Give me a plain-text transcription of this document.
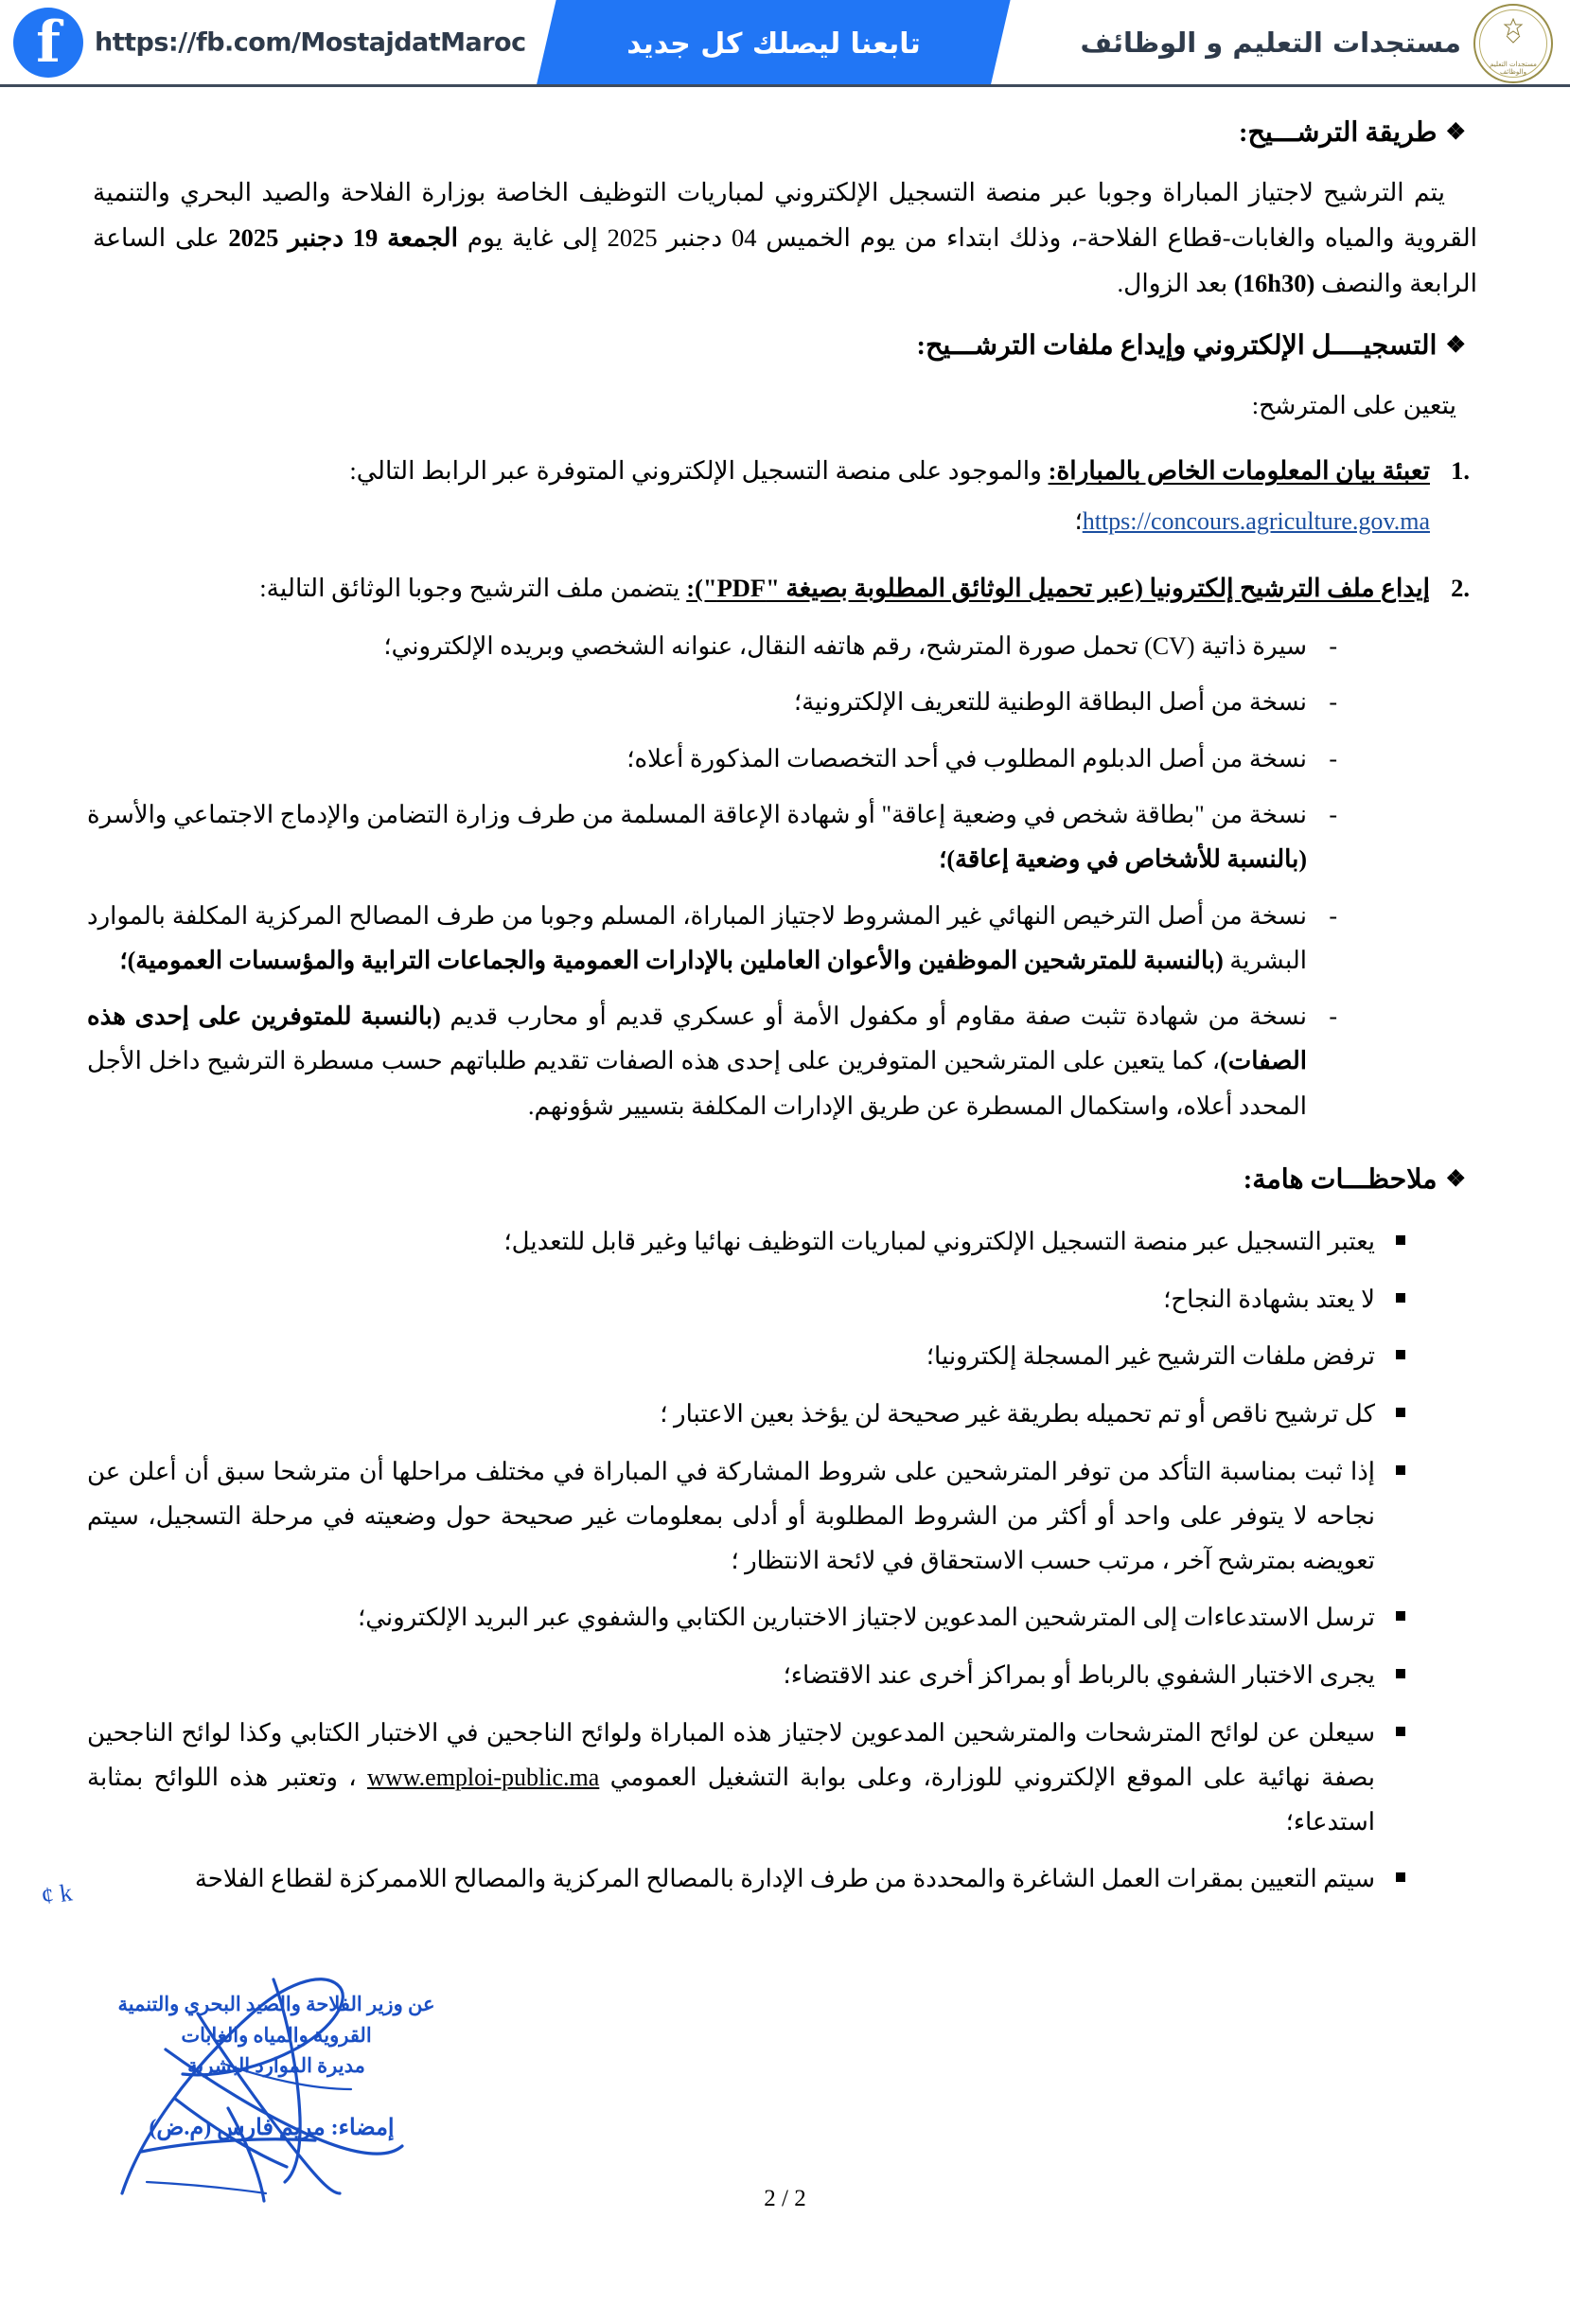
تابعنا ليصلك كل جديد
f https://fb.com/MostajdatMaroc	مستجدات التعليم و الوظائف
مستجدات التعليم
والوظائف
❖طريقة الترشـــيح:

يتم الترشيح لاجتياز المباراة وجوبا عبر منصة التسجيل الإلكتروني لمباريات التوظيف الخاصة بوزارة الفلاحة والصيد البحري والتنمية القروية والمياه والغابات-قطاع الفلاحة-، وذلك ابتداء من يوم الخميس 04 دجنبر 2025 إلى غاية يوم الجمعة 19 دجنبر 2025 على الساعة الرابعة والنصف (16h30) بعد الزوال.

❖التسجيــــل الإلكتروني وإيداع ملفات الترشـــيح:

يتعين على المترشح:

تعبئة بيان المعلومات الخاص بالمباراة: والموجود على منصة التسجيل الإلكتروني المتوفرة عبر الرابط التالي:
؛https://concours.agriculture.gov.ma
إيداع ملف الترشيح إلكترونيا (عبر تحميل الوثائق المطلوبة بصيغة "PDF"): يتضمن ملف الترشيح وجوبا الوثائق التالية:
- سيرة ذاتية (CV) تحمل صورة المترشح، رقم هاتفه النقال، عنوانه الشخصي وبريده الإلكتروني؛
- نسخة من أصل البطاقة الوطنية للتعريف الإلكترونية؛
- نسخة من أصل الدبلوم المطلوب في أحد التخصصات المذكورة أعلاه؛
- نسخة من "بطاقة شخص في وضعية إعاقة" أو شهادة الإعاقة المسلمة من طرف وزارة التضامن والإدماج الاجتماعي والأسرة (بالنسبة للأشخاص في وضعية إعاقة)؛
- نسخة من أصل الترخيص النهائي غير المشروط لاجتياز المباراة، المسلم وجوبا من طرف المصالح المركزية المكلفة بالموارد البشرية (بالنسبة للمترشحين الموظفين والأعوان العاملين بالإدارات العمومية والجماعات الترابية والمؤسسات العمومية)؛
- نسخة من شهادة تثبت صفة مقاوم أو مكفول الأمة أو عسكري قديم أو محارب قديم (بالنسبة للمتوفرين على إحدى هذه الصفات)، كما يتعين على المترشحين المتوفرين على إحدى هذه الصفات تقديم طلباتهم حسب مسطرة الترشيح داخل الأجل المحدد أعلاه، واستكمال المسطرة عن طريق الإدارات المكلفة بتسيير شؤونهم.
❖ملاحظـــات هامة:
يعتبر التسجيل عبر منصة التسجيل الإلكتروني لمباريات التوظيف نهائيا وغير قابل للتعديل؛
لا يعتد بشهادة النجاح؛
ترفض ملفات الترشيح غير المسجلة إلكترونيا؛
كل ترشيح ناقص أو تم تحميله بطريقة غير صحيحة لن يؤخذ بعين الاعتبار ؛
إذا ثبت بمناسبة التأكد من توفر المترشحين على شروط المشاركة في المباراة في مختلف مراحلها أن مترشحا سبق أن أعلن عن نجاحه لا يتوفر على واحد أو أكثر من الشروط المطلوبة أو أدلى بمعلومات غير صحيحة حول وضعيته في مرحلة التسجيل، سيتم تعويضه بمترشح آخر ، مرتب حسب الاستحقاق في لائحة الانتظار ؛
ترسل الاستدعاءات إلى المترشحين المدعوين لاجتياز الاختبارين الكتابي والشفوي عبر البريد الإلكتروني؛
يجرى الاختبار الشفوي بالرباط أو بمراكز أخرى عند الاقتضاء؛
سيعلن عن لوائح المترشحات والمترشحين المدعوين لاجتياز هذه المباراة ولوائح الناجحين في الاختبار الكتابي وكذا لوائح الناجحين بصفة نهائية على الموقع الإلكتروني للوزارة، وعلى بوابة التشغيل العمومي www.emploi-public.ma ، وتعتبر هذه اللوائح بمثابة استدعاء؛
سيتم التعيين بمقرات العمل الشاغرة والمحددة من طرف الإدارة بالمصالح المركزية والمصالح اللاممركزة لقطاع الفلاحة
k ¢
عن وزير الفلاحة والصيد البحري والتنمية
القروية والمياه والغابات
مديرة الموارد البشرية
إمضاء: مريم فارس (م.ض)
2 / 2
